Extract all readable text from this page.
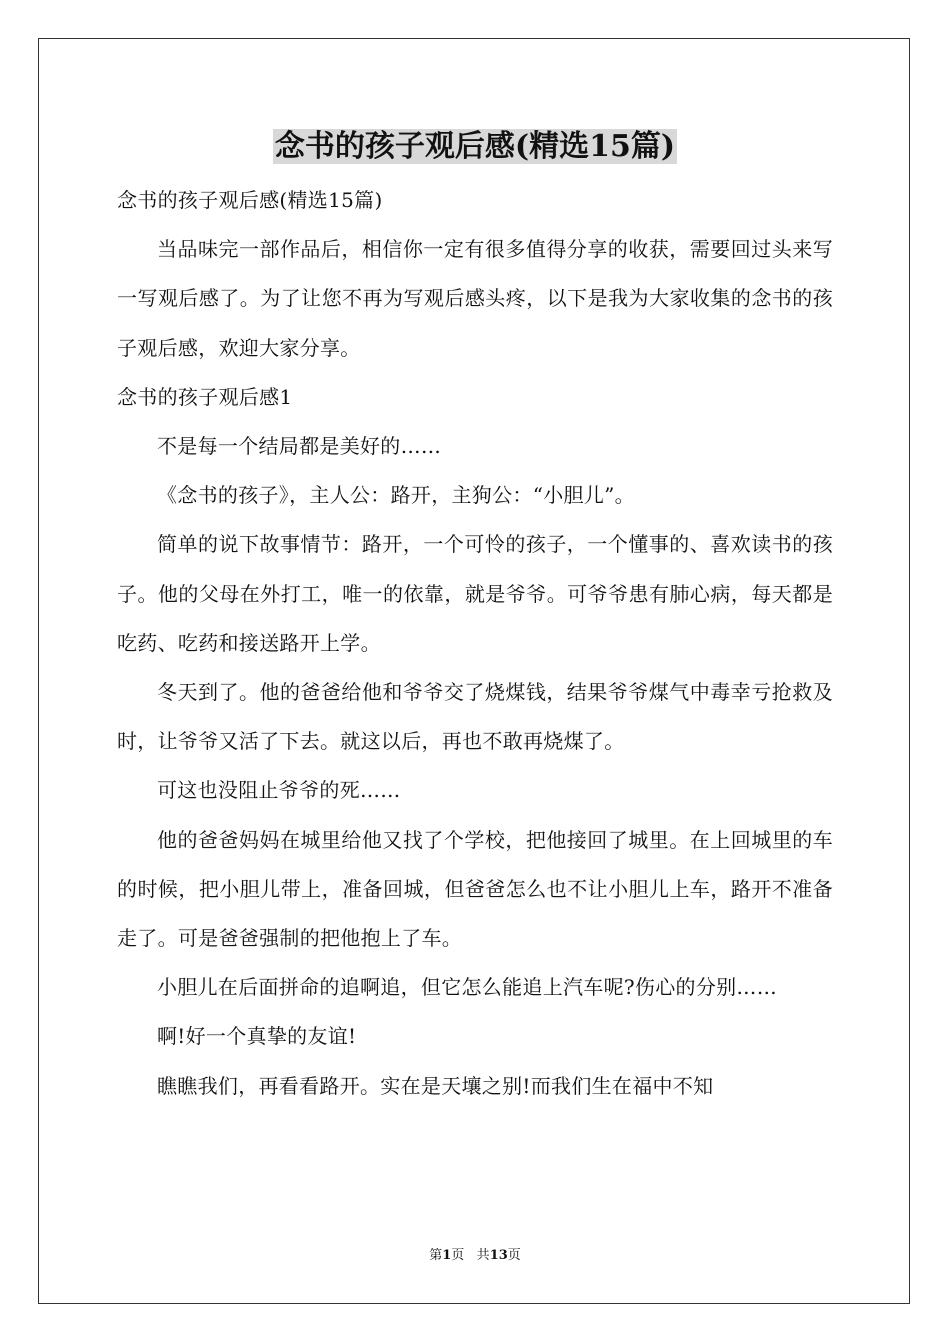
念书的孩子观后感(精选15篇)

念书的孩子观后感(精选15篇)

当品味完一部作品后，相信你一定有很多值得分享的收获，需要回过头来写一写观后感了。为了让您不再为写观后感头疼，以下是我为大家收集的念书的孩子观后感，欢迎大家分享。

念书的孩子观后感1

不是每一个结局都是美好的……

《念书的孩子》，主人公：路开，主狗公：“小胆儿”。

简单的说下故事情节：路开，一个可怜的孩子，一个懂事的、喜欢读书的孩子。他的父母在外打工，唯一的依靠，就是爷爷。可爷爷患有肺心病，每天都是吃药、吃药和接送路开上学。

冬天到了。他的爸爸给他和爷爷交了烧煤钱，结果爷爷煤气中毒幸亏抢救及时，让爷爷又活了下去。就这以后，再也不敢再烧煤了。

可这也没阻止爷爷的死……

他的爸爸妈妈在城里给他又找了个学校，把他接回了城里。在上回城里的车的时候，把小胆儿带上，准备回城，但爸爸怎么也不让小胆儿上车，路开不准备走了。可是爸爸强制的把他抱上了车。

小胆儿在后面拼命的追啊追，但它怎么能追上汽车呢?伤心的分别……

啊!好一个真挚的友谊!

瞧瞧我们，再看看路开。实在是天壤之别!而我们生在福中不知

第1页 共13页
